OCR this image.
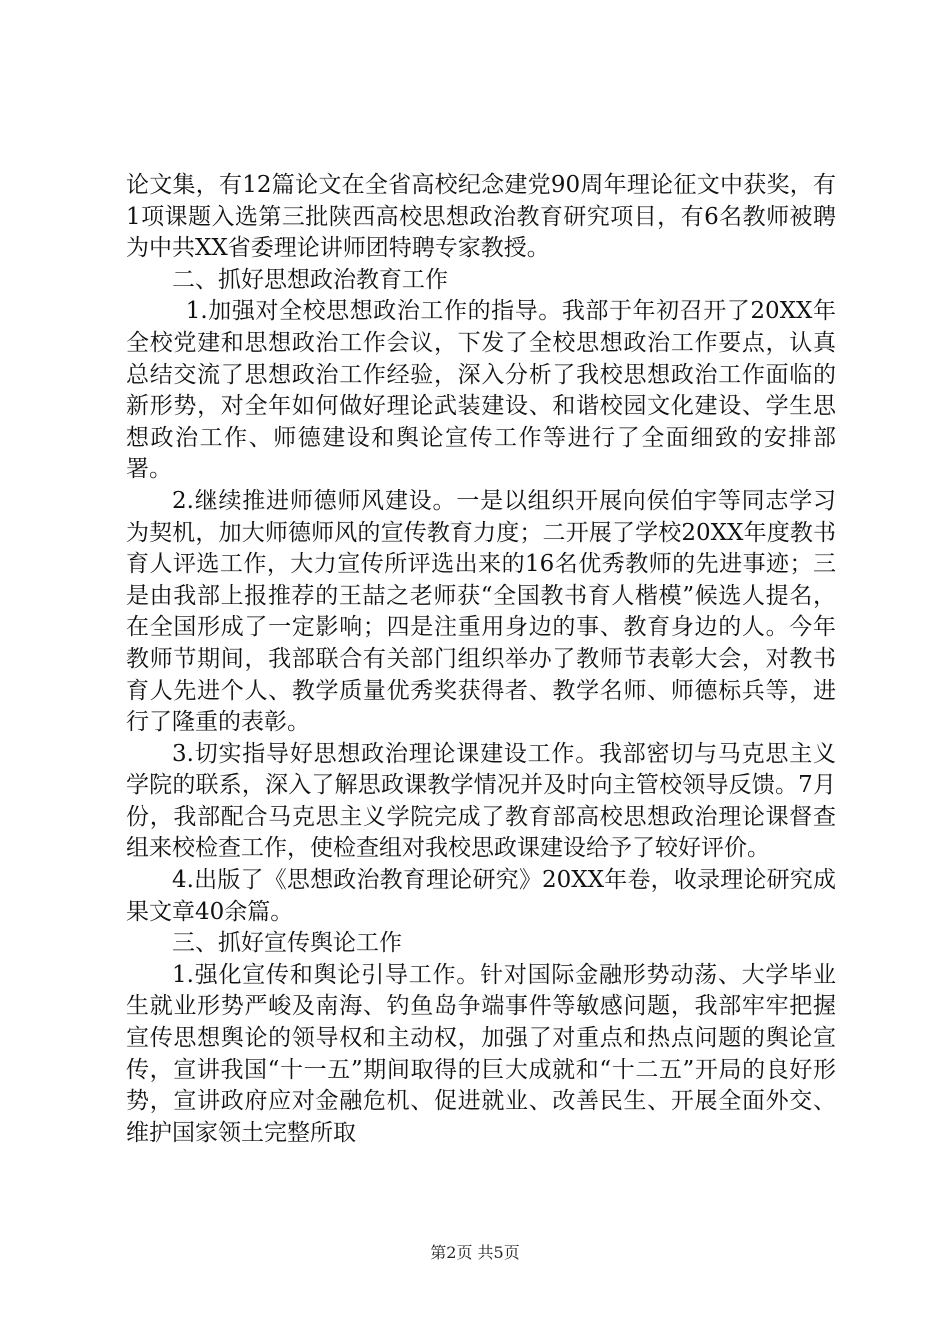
论文集，有12篇论文在全省高校纪念建党90周年理论征文中获奖，有1项课题入选第三批陕西高校思想政治教育研究项目，有6名教师被聘为中共XX省委理论讲师团特聘专家教授。

二、抓好思想政治教育工作

1.加强对全校思想政治工作的指导。我部于年初召开了20XX年全校党建和思想政治工作会议，下发了全校思想政治工作要点，认真总结交流了思想政治工作经验，深入分析了我校思想政治工作面临的新形势，对全年如何做好理论武装建设、和谐校园文化建设、学生思想政治工作、师德建设和舆论宣传工作等进行了全面细致的安排部署。

2.继续推进师德师风建设。一是以组织开展向侯伯宇等同志学习为契机，加大师德师风的宣传教育力度；二开展了学校20XX年度教书育人评选工作，大力宣传所评选出来的16名优秀教师的先进事迹；三是由我部上报推荐的王喆之老师获“全国教书育人楷模”候选人提名，在全国形成了一定影响；四是注重用身边的事、教育身边的人。今年教师节期间，我部联合有关部门组织举办了教师节表彰大会，对教书育人先进个人、教学质量优秀奖获得者、教学名师、师德标兵等，进行了隆重的表彰。

3.切实指导好思想政治理论课建设工作。我部密切与马克思主义学院的联系，深入了解思政课教学情况并及时向主管校领导反馈。7月份，我部配合马克思主义学院完成了教育部高校思想政治理论课督查组来校检查工作，使检查组对我校思政课建设给予了较好评价。

4.出版了《思想政治教育理论研究》20XX年卷，收录理论研究成果文章40余篇。

三、抓好宣传舆论工作

1.强化宣传和舆论引导工作。针对国际金融形势动荡、大学毕业生就业形势严峻及南海、钓鱼岛争端事件等敏感问题，我部牢牢把握宣传思想舆论的领导权和主动权，加强了对重点和热点问题的舆论宣传，宣讲我国“十一五”期间取得的巨大成就和“十二五”开局的良好形势，宣讲政府应对金融危机、促进就业、改善民生、开展全面外交、维护国家领土完整所取

第2页 共5页
